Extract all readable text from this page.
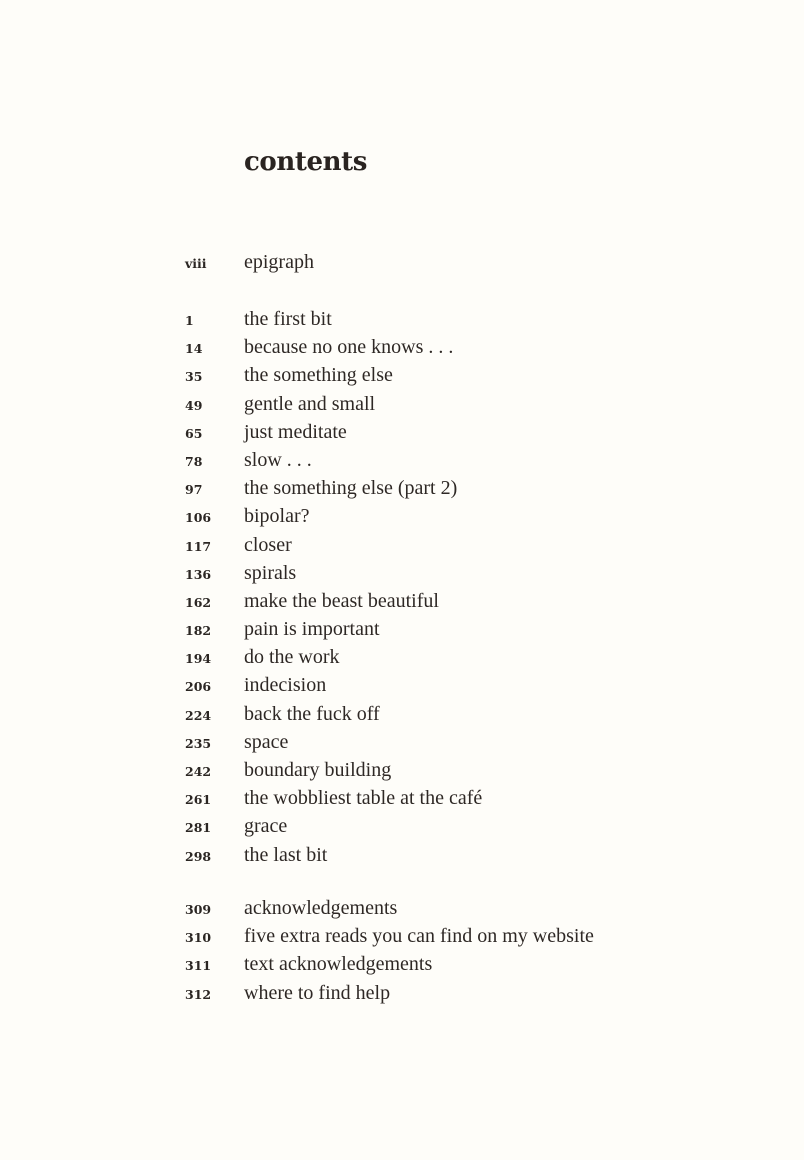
contents
viii epigraph
1	the first bit
14 because no one knows . . .
35 the something else
49 gentle and small
65 just meditate
78 slow . . .
97 the something else (part 2)
106 bipolar?
117 closer
136 spirals
162 make the beast beautiful
182 pain is important
194 do the work
206 indecision
224 back the fuck off
235 space
242 boundary building
261 the wobbliest table at the café
281 grace
298 the last bit
309 acknowledgements
310 five extra reads you can find on my website
311 text acknowledgements
312 where to find help
